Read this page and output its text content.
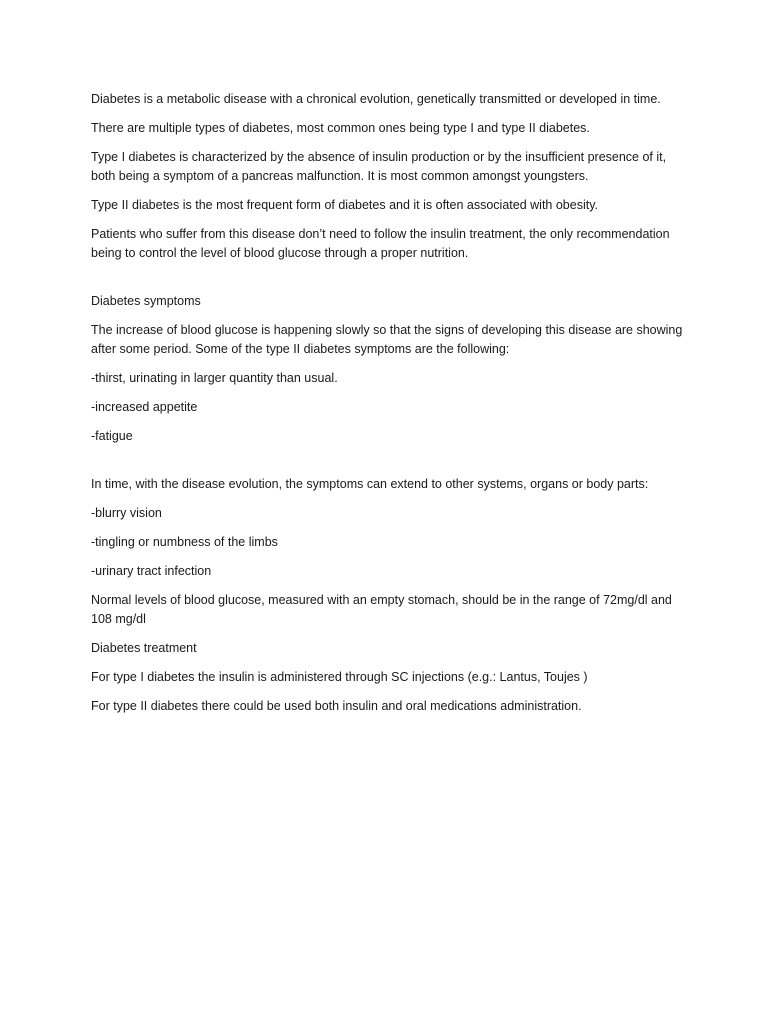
Diabetes is a metabolic disease with a chronical evolution, genetically transmitted or developed in time.

There are multiple types of diabetes, most common ones being type I and type II diabetes.

Type I diabetes is characterized by the absence of insulin production or by the insufficient presence of it, both being a symptom of a pancreas malfunction. It is most common amongst youngsters.

Type II diabetes is the most frequent form of diabetes and it is often associated with obesity.

Patients who suffer from this disease don’t need to follow the insulin treatment, the only recommendation being to control the level of blood glucose through a proper nutrition.

Diabetes symptoms

The increase of blood glucose is happening slowly so that the signs of developing this disease are showing after some period. Some of the type II diabetes symptoms are the following:

-thirst, urinating in larger quantity than usual.

-increased appetite

-fatigue

In time, with the disease evolution, the symptoms can extend to other systems, organs or body parts:

-blurry vision

-tingling or numbness of the limbs

-urinary tract infection

Normal levels of blood glucose, measured with an empty stomach, should be in the range of 72mg/dl and 108 mg/dl

Diabetes treatment

For type I diabetes the insulin is administered through SC injections (e.g.: Lantus, Toujes )

For type II diabetes there could be used both insulin and oral medications administration.
